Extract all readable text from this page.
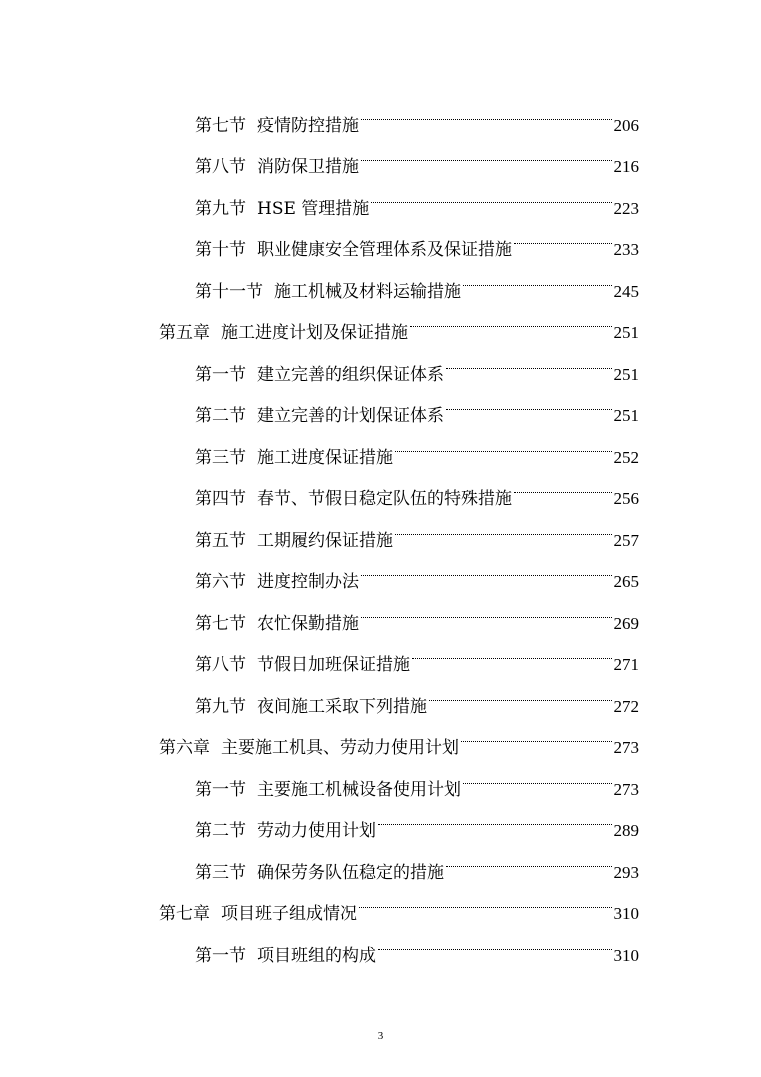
第七节 疫情防控措施	206
第八节 消防保卫措施	216
第九节 HSE 管理措施	223
第十节 职业健康安全管理体系及保证措施	233
第十一节 施工机械及材料运输措施	245
第五章 施工进度计划及保证措施	251
第一节 建立完善的组织保证体系	251
第二节 建立完善的计划保证体系	251
第三节 施工进度保证措施	252
第四节 春节、节假日稳定队伍的特殊措施	256
第五节 工期履约保证措施	257
第六节 进度控制办法	265
第七节 农忙保勤措施	269
第八节 节假日加班保证措施	271
第九节 夜间施工采取下列措施	272
第六章 主要施工机具、劳动力使用计划	273
第一节 主要施工机械设备使用计划	273
第二节 劳动力使用计划	289
第三节 确保劳务队伍稳定的措施	293
第七章 项目班子组成情况	310
第一节 项目班组的构成	310
3
